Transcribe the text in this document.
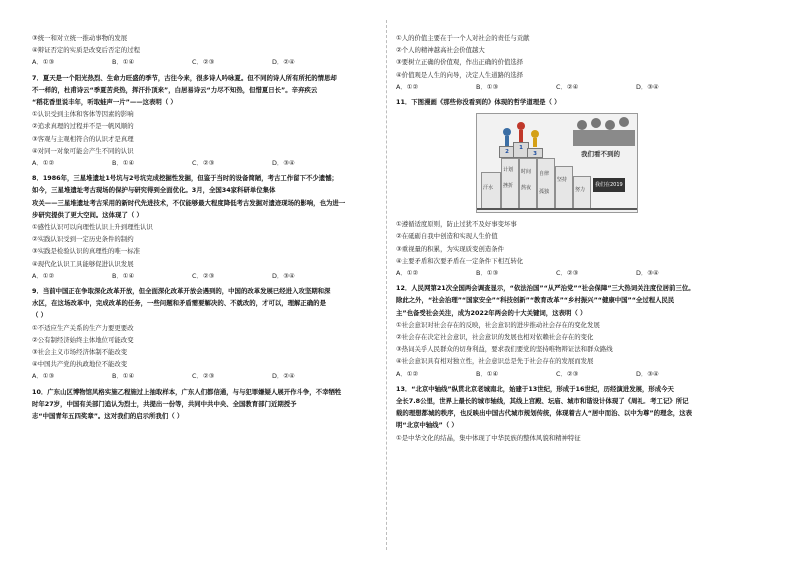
③统一和对立统一推动事物的发展
④辩证否定的实质是改变后否定的过程
A．①③	B．①④	C．②③	D．②④
7．夏天是一个阳光热烈、生命力旺盛的季节，古往今来，很多诗人吟咏夏。但不同的诗人所有所托的情思却
不一样的，杜甫诗云“季夏苦炎热，挥汗扑顶来”，白居易诗云“力尽不知热，但惜夏日长”。辛弃疾云
“稻花香里说丰年，听取蛙声一片”——这表明（ ）
①认识受到主体和客体等因素的影响
②追求真理的过程并不是一帆风顺的
③客观与主观相符合的认识才是真理
④对同一对象可能会产生不同的认识
A．①②	B．①④	C．②③	D．③④
8．1986年，三星堆遗址1号坑与2号坑完成挖掘性发掘，但鉴于当时的设备简陋，考古工作留下不少遗憾；
如今，三星堆遗址考古现场的保护与研究得到全面优化。3月，全国34家科研单位集体
攻关——三星堆遗址考古采用的新时代先进技术，不仅能够最大程度降低考古发掘对遗迹现场的影响，也为进一
步研究提供了更大空间。这体现了（ ）
①感性认识可以向理性认识上升到理性认识
②实践认识受到一定历史条件的制约
③实践是检验认识的真理性的唯一标准
④现代化认识工具能够促进认识发展
A．①②	B．①④	C．②③	D．③④
9．当前中国正在争取深化改革开放，但全面深化改革开放会遇到的，中国的改革发展已经进入攻坚期和深
水区，在这场改革中，完成改革的任务，一些问题和矛盾需要解决的、不就改的，才可以，理解正确的是
（ ）
①不适应生产关系的生产力要更要改
②公有制经济始终主体地位可能改变
③社会主义市场经济体制不能改变
④中国共产党的执政地位不能改变
A．①③	B．①④	C．②③	D．②④
10．广东山区博物馆风格实施乙程施过上抽取样本，广东人们都信通，与与犯罪嫌疑人展开作斗争，不幸牺牲
时年27岁，中国有关部门追认为烈士，共提出一份等，共同中共中央、全国教育部门近期授予
志“中国青年五四奖章”。这对我们的启示所我们（ ）
①人的价值主要在于一个人对社会的责任与贡献
②个人的精神越高社会价值越大
③要树立正确的价值观，作出正确的价值选择
④价值观是人生的向导，决定人生道路的选择
A．①②	B．①③	C．②④	D．③④
11．下图漫画《那些你没看到的》体现的哲学道理是（ ）
我们看不到的
2
1
3
汗水
计划
挫折
时间
熬夜
自律
孤独
坚持
努力
我们在2019
①遵循适度原则，防止过犹不及好事变坏事
②在砥砺自我中创造和实现人生价值
③重视量的积累，为实现质变创造条件
④主要矛盾和次要矛盾在一定条件下相互转化
A．①②	B．①③	C．②③	D．③④
12．人民网第21次全国两会调查显示，“依法治国”“从严治党”“社会保障”三大热词关注度位居前三位。
除此之外，“社会治理”“国家安全”“科技创新”“教育改革”“乡村振兴”“健康中国”“全过程人民民
主”也备受社会关注，成为2022年两会的十大关键词，这表明（ ）
①社会意识对社会存在的反映，社会意识的进步推动社会存在的变化发展
②社会存在决定社会意识，社会意识的发展也相对依赖社会存在的变化
③热词关乎人民群众的切身利益，要求我们要党的坚持唯物辩证法和群众路线
④社会意识具有相对独立性，社会意识总是先于社会存在的发展而发展
A．①②	B．①④	C．②③	D．③④
13．“北京中轴线”纵贯北京老城南北，始建于13世纪，形成于16世纪，历经演进发展，形成今天
全长7.8公里，世界上最长的城市轴线，其线上宫殿、坛庙、城市和谐设计体现了《周礼．考工记》所记
载的理想都城的秩序，也反映出中国古代城市规划传统，体现着古人“居中而治、以中为尊”的理念，这表
明“北京中轴线”（ ）
①是中华文化的结晶，集中体现了中华民族的整体风貌和精神特征
